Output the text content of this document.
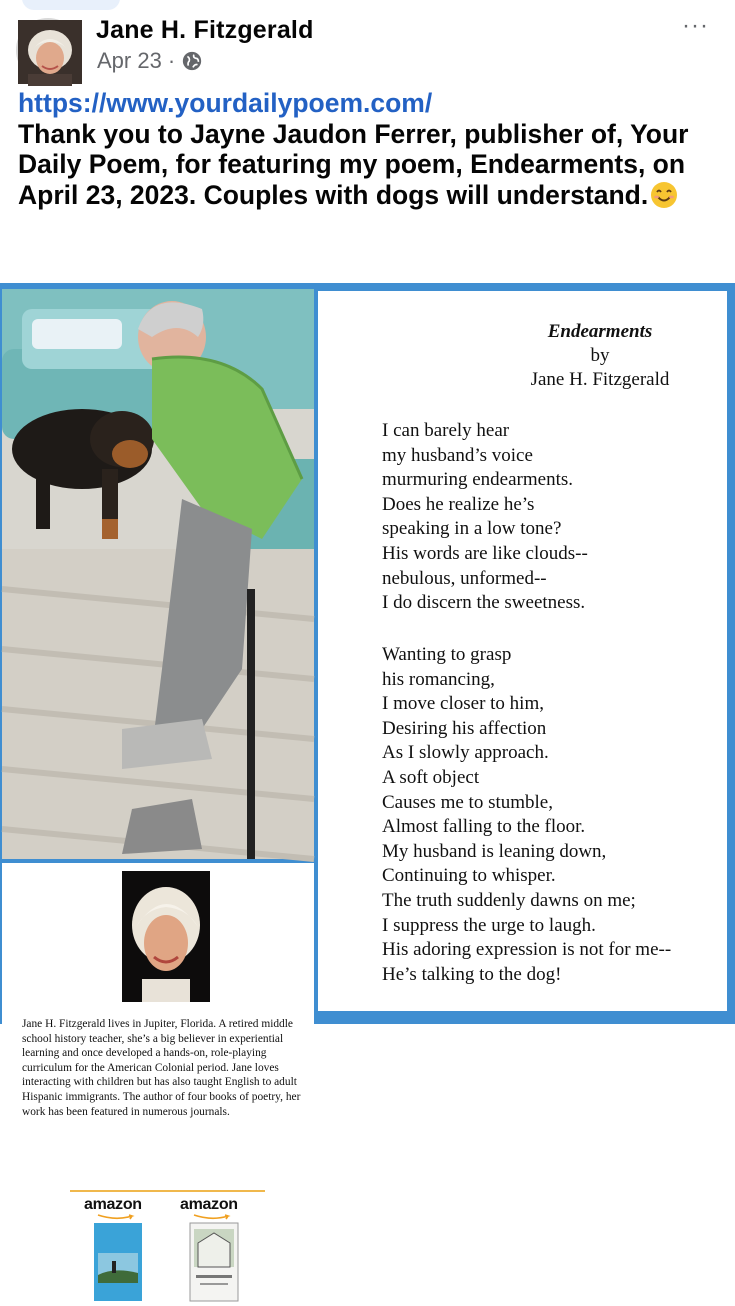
Jane H. Fitzgerald
Apr 23 ·
···
https://www.yourdailypoem.com/
Thank you to Jayne Jaudon Ferrer, publisher of, Your Daily Poem, for featuring my poem, Endearments, on April 23, 2023. Couples with dogs will understand.
Jane H. Fitzgerald lives in Jupiter, Florida. A retired middle school history teacher, she’s a big believer in experiential learning and once developed a hands-on, role-playing curriculum for the American Colonial period. Jane loves interacting with children but has also taught English to adult Hispanic immigrants. The author of four books of poetry, her work has been featured in numerous journals.
amazon amazon
Endearments
by
Jane H. Fitzgerald
I can barely hear
my husband’s voice
murmuring endearments.
Does he realize he’s
speaking in a low tone?
His words are like clouds--
nebulous, unformed--
I do discern the sweetness.
Wanting to grasp
his romancing,
I move closer to him,
Desiring his affection
As I slowly approach.
A soft object
Causes me to stumble,
Almost falling to the floor.
My husband is leaning down,
Continuing to whisper.
The truth suddenly dawns on me;
I suppress the urge to laugh.
His adoring expression is not for me--
He’s talking to the dog!
